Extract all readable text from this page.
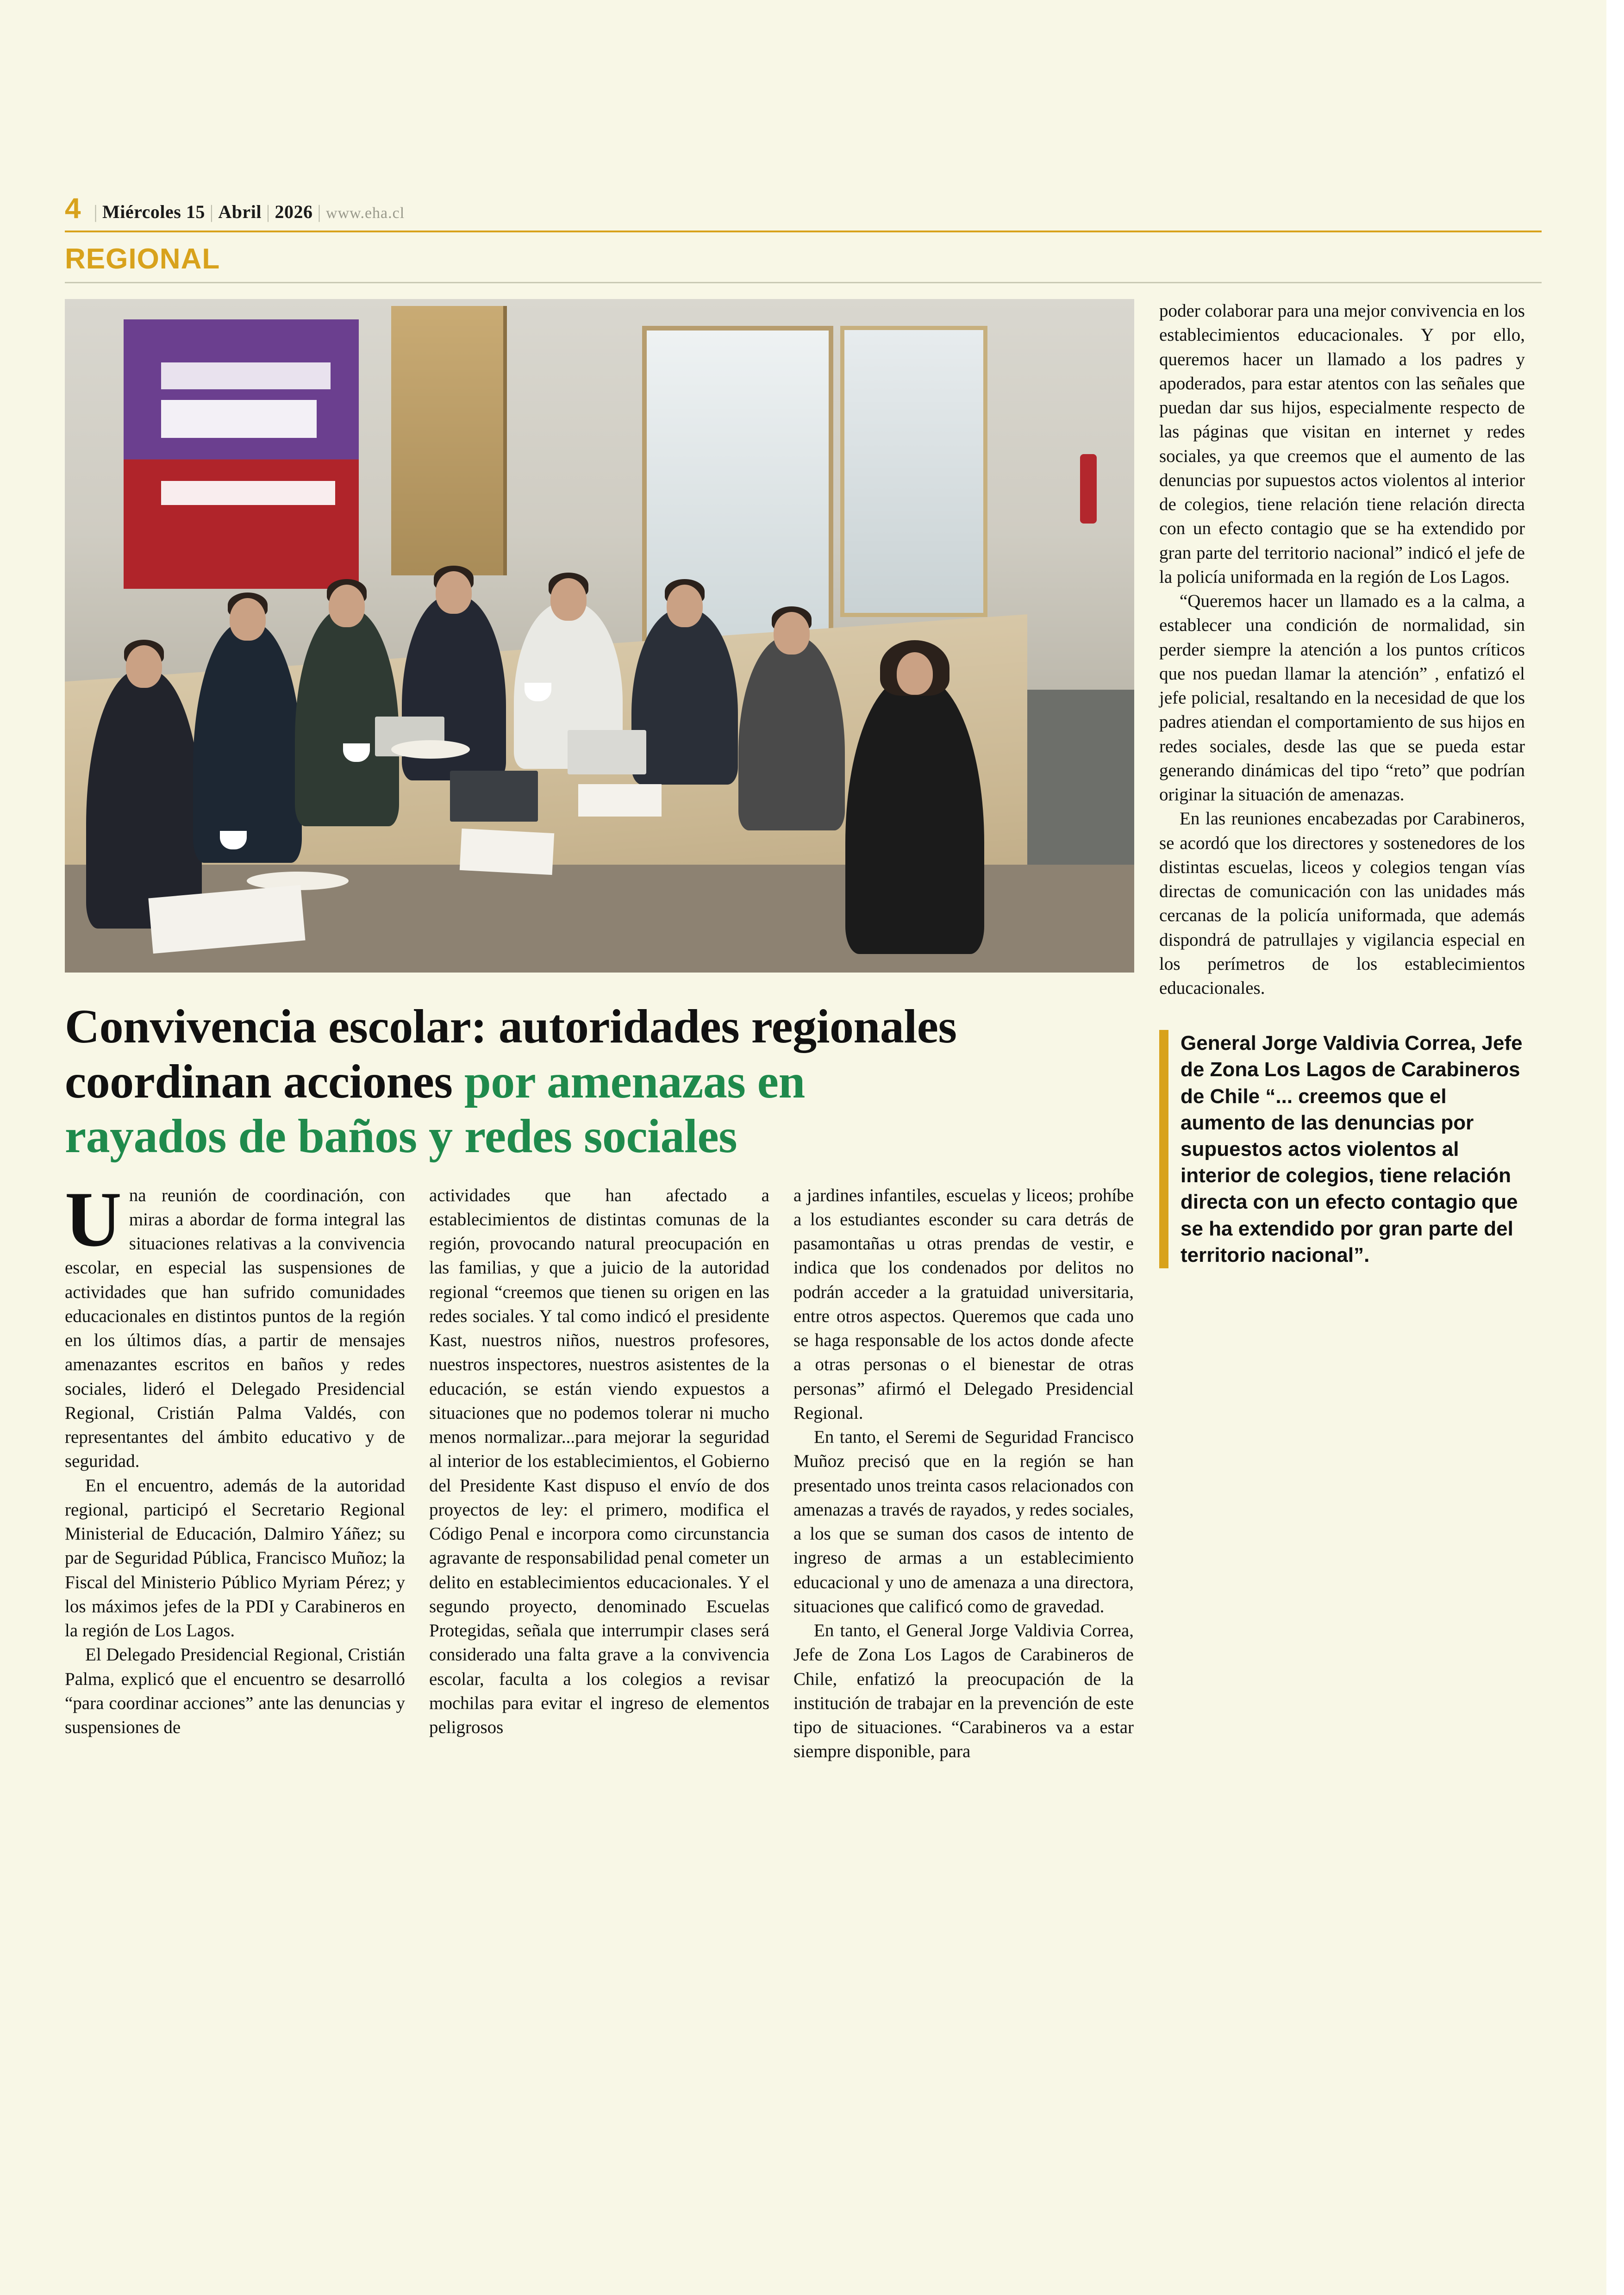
4 | Miércoles 15 | Abril | 2026 | www.eha.cl
REGIONAL
Convivencia escolar: autoridades regionales
coordinan acciones por amenazas en
rayados de baños y redes sociales

Una reunión de coordinación, con miras a abordar de forma integral las situaciones relativas a la convivencia escolar, en especial las suspensiones de actividades que han sufrido comunidades educacionales en distintos puntos de la región en los últimos días, a partir de mensajes amenazantes escritos en baños y redes sociales, lideró el Delegado Presidencial Regional, Cristián Palma Valdés, con representantes del ámbito educativo y de seguridad.

En el encuentro, además de la autoridad regional, participó el Secretario Regional Ministerial de Educación, Dalmiro Yáñez; su par de Seguridad Pública, Francisco Muñoz; la Fiscal del Ministerio Público Myriam Pérez; y los máximos jefes de la PDI y Carabineros en la región de Los Lagos.

El Delegado Presidencial Regional, Cristián Palma, explicó que el encuentro se desarrolló “para coordinar acciones” ante las denuncias y suspensiones de

actividades que han afectado a establecimientos de distintas comunas de la región, provocando natural preocupación en las familias, y que a juicio de la autoridad regional “creemos que tienen su origen en las redes sociales. Y tal como indicó el presidente Kast, nuestros niños, nuestros profesores, nuestros inspectores, nuestros asistentes de la educación, se están viendo expuestos a situaciones que no podemos tolerar ni mucho menos normalizar...para mejorar la seguridad al interior de los establecimientos, el Gobierno del Presidente Kast dispuso el envío de dos proyectos de ley: el primero, modifica el Código Penal e incorpora como circunstancia agravante de responsabilidad penal cometer un delito en establecimientos educacionales. Y el segundo proyecto, denominado Escuelas Protegidas, señala que interrumpir clases será considerado una falta grave a la convivencia escolar, faculta a los colegios a revisar mochilas para evitar el ingreso de elementos peligrosos

a jardines infantiles, escuelas y liceos; prohíbe a los estudiantes esconder su cara detrás de pasamontañas u otras prendas de vestir, e indica que los condenados por delitos no podrán acceder a la gratuidad universitaria, entre otros aspectos. Queremos que cada uno se haga responsable de los actos donde afecte a otras personas o el bienestar de otras personas” afirmó el Delegado Presidencial Regional.

En tanto, el Seremi de Seguridad Francisco Muñoz precisó que en la región se han presentado unos treinta casos relacionados con amenazas a través de rayados, y redes sociales, a los que se suman dos casos de intento de ingreso de armas a un establecimiento educacional y uno de amenaza a una directora, situaciones que calificó como de gravedad.

En tanto, el General Jorge Valdivia Correa, Jefe de Zona Los Lagos de Carabineros de Chile, enfatizó la preocupación de la institución de trabajar en la prevención de este tipo de situaciones. “Carabineros va a estar siempre disponible, para

poder colaborar para una mejor convivencia en los establecimientos educacionales. Y por ello, queremos hacer un llamado a los padres y apoderados, para estar atentos con las señales que puedan dar sus hijos, especialmente respecto de las páginas que visitan en internet y redes sociales, ya que creemos que el aumento de las denuncias por supuestos actos violentos al interior de colegios, tiene relación tiene relación directa con un efecto contagio que se ha extendido por gran parte del territorio nacional” indicó el jefe de la policía uniformada en la región de Los Lagos.

“Queremos hacer un llamado es a la calma, a establecer una condición de normalidad, sin perder siempre la atención a los puntos críticos que nos puedan llamar la atención” , enfatizó el jefe policial, resaltando en la necesidad de que los padres atiendan el comportamiento de sus hijos en redes sociales, desde las que se pueda estar generando dinámicas del tipo “reto” que podrían originar la situación de amenazas.

En las reuniones encabezadas por Carabineros, se acordó que los directores y sostenedores de los distintas escuelas, liceos y colegios tengan vías directas de comunicación con las unidades más cercanas de la policía uniformada, que además dispondrá de patrullajes y vigilancia especial en los perímetros de los establecimientos educacionales.

General Jorge Valdivia Correa, Jefe de Zona Los Lagos de Carabineros de Chile “... creemos que el aumento de las denuncias por supuestos actos violentos al interior de colegios, tiene relación directa con un efecto contagio que se ha extendido por gran parte del territorio nacional”.
